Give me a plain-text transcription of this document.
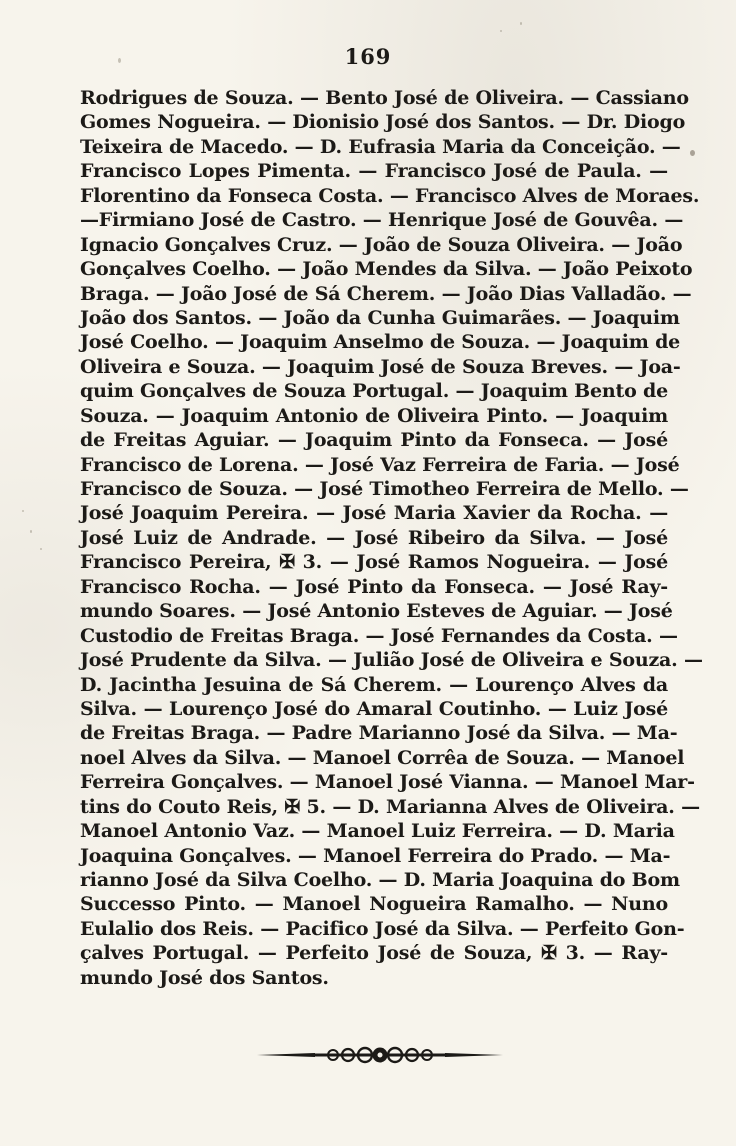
169
Rodrigues de Souza. — Bento José de Oliveira. — Cassiano
Gomes Nogueira. — Dionisio José dos Santos. — Dr. Diogo
Teixeira de Macedo. — D. Eufrasia Maria da Conceição. —
Francisco Lopes Pimenta. — Francisco José de Paula. —
Florentino da Fonseca Costa. — Francisco Alves de Moraes.
—Firmiano José de Castro. — Henrique José de Gouvêa. —
Ignacio Gonçalves Cruz. — João de Souza Oliveira. — João
Gonçalves Coelho. — João Mendes da Silva. — João Peixoto
Braga. — João José de Sá Cherem. — João Dias Valladão. —
João dos Santos. — João da Cunha Guimarães. — Joaquim
José Coelho. — Joaquim Anselmo de Souza. — Joaquim de
Oliveira e Souza. — Joaquim José de Souza Breves. — Joa-
quim Gonçalves de Souza Portugal. — Joaquim Bento de
Souza. — Joaquim Antonio de Oliveira Pinto. — Joaquim
de Freitas Aguiar. — Joaquim Pinto da Fonseca. — José
Francisco de Lorena. — José Vaz Ferreira de Faria. — José
Francisco de Souza. — José Timotheo Ferreira de Mello. —
José Joaquim Pereira. — José Maria Xavier da Rocha. —
José Luiz de Andrade. — José Ribeiro da Silva. — José
Francisco Pereira, ✠ 3. — José Ramos Nogueira. — José
Francisco Rocha. — José Pinto da Fonseca. — José Ray-
mundo Soares. — José Antonio Esteves de Aguiar. — José
Custodio de Freitas Braga. — José Fernandes da Costa. —
José Prudente da Silva. — Julião José de Oliveira e Souza. —
D. Jacintha Jesuina de Sá Cherem. — Lourenço Alves da
Silva. — Lourenço José do Amaral Coutinho. — Luiz José
de Freitas Braga. — Padre Marianno José da Silva. — Ma-
noel Alves da Silva. — Manoel Corrêa de Souza. — Manoel
Ferreira Gonçalves. — Manoel José Vianna. — Manoel Mar-
tins do Couto Reis, ✠ 5. — D. Marianna Alves de Oliveira. —
Manoel Antonio Vaz. — Manoel Luiz Ferreira. — D. Maria
Joaquina Gonçalves. — Manoel Ferreira do Prado. — Ma-
rianno José da Silva Coelho. — D. Maria Joaquina do Bom
Successo Pinto. — Manoel Nogueira Ramalho. — Nuno
Eulalio dos Reis. — Pacifico José da Silva. — Perfeito Gon-
çalves Portugal. — Perfeito José de Souza, ✠ 3. — Ray-
mundo José dos Santos.
